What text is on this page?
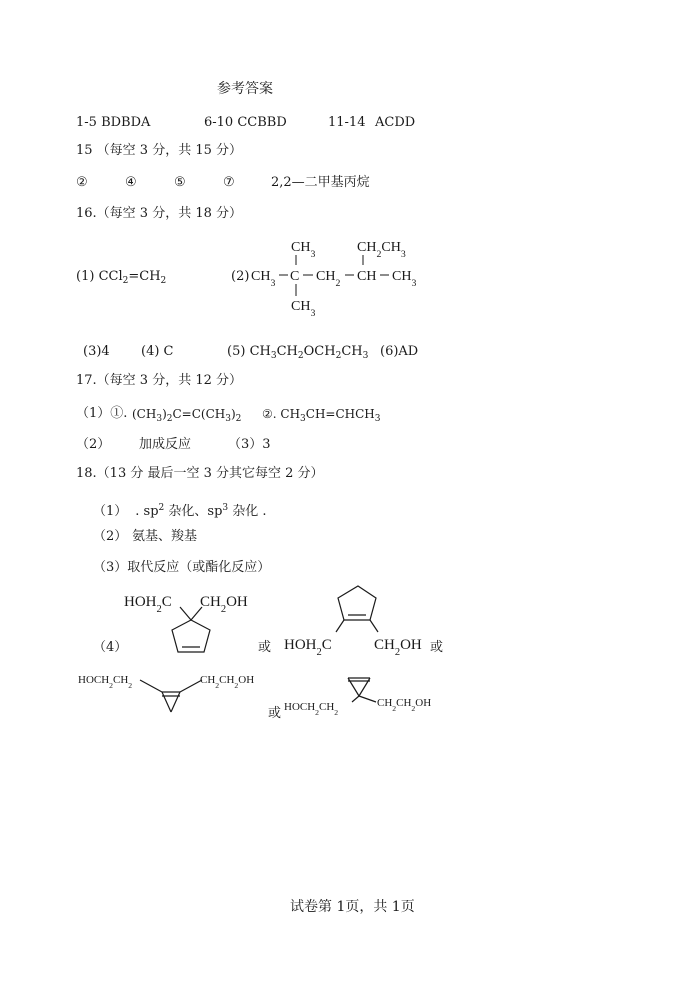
参考答案
1-5 BDBDA	6-10 CCBBD	11-14 ACDD
15 （每空 3 分，共 15 分）
②	④	⑤	⑦	2,2—二甲基丙烷
16.（每空 3 分，共 18 分）
(1) $CCl_2=CH_2$	(2)
$CH_3$	$CH_2CH_3$
$CH_3$ C $CH_2$ CH $CH_3$
$CH_3$
(3)4 (4) C	(5) $CH_3CH_2OCH_2CH_3$ (6)AD
17.（每空 3 分，共 12 分）
（1）①. $(CH_3)_2C=C(CH_3)_2$ ②. $CH_3CH=CHCH_3$
（2） 加成反应	（3）3
18.（13 分 最后一空 3 分其它每空 2 分）
（1） . $sp^2$ 杂化、$sp^3$ 杂化 .
（2） 氨基、羧基
（3）取代反应（或酯化反应）
$HOH_2C$ $CH_2OH$
（4）	或 $HOH_2C$	$CH_2OH$ 或
$HOCH_2CH_2$	$CH_2CH_2OH$
或 $HOCH_2CH_2$
$CH_2CH_2OH$
试卷第 1页，共 1页
